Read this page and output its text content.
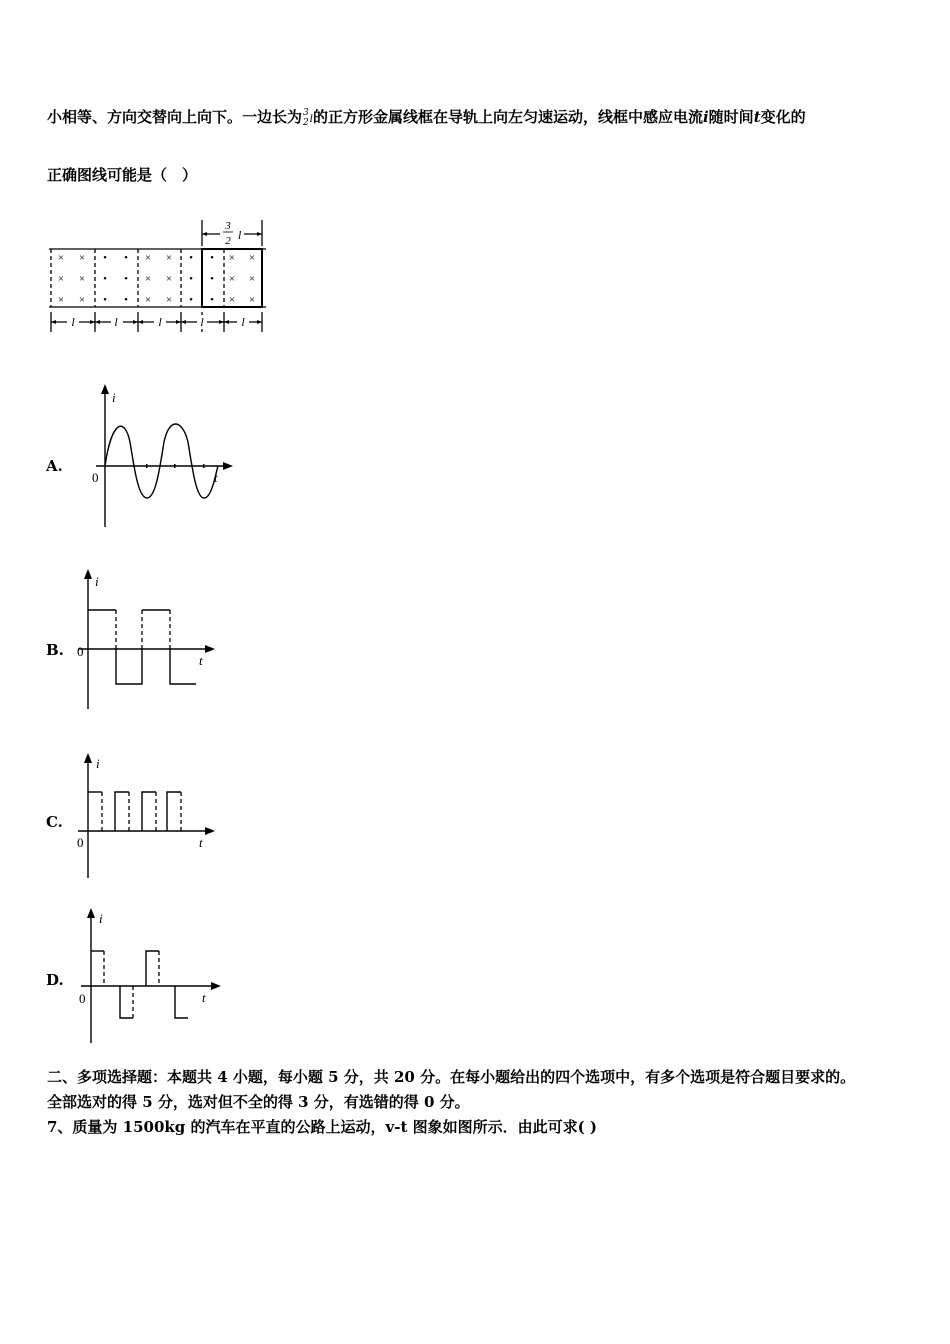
小相等、方向交替向上向下。一边长为 3
2 l的正方形金属线框在导轨上向左匀速运动，线框中感应电流i随时间t变化的
正确图线可能是（　）
3
2 l
l	l	l	l	l
× ×
× ×
× ×
• •
• •
• •
× ×
× ×
× ×
•
•
•
•
•
•
× ×
× ×
× ×
A.
i
t
0
B.
i
t
0
C.
i
t
0
D.
i
t
0
二、多项选择题：本题共 4 小题，每小题 5 分，共 20 分。在每小题给出的四个选项中，有多个选项是符合题目要求的。
全部选对的得 5 分，选对但不全的得 3 分，有选错的得 0 分。
7、质量为 1500kg 的汽车在平直的公路上运动，v-t 图象如图所示．由此可求( )
